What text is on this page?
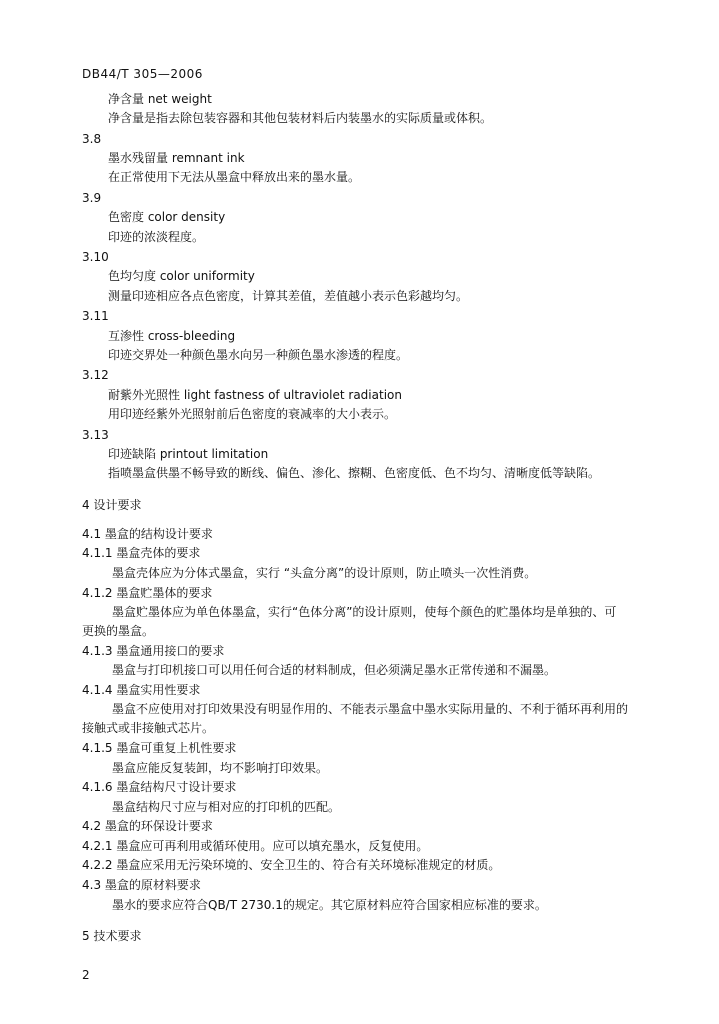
DB44/T 305—2006
净含量 net weight
净含量是指去除包装容器和其他包装材料后内装墨水的实际质量或体积。
3.8
墨水残留量 remnant ink
在正常使用下无法从墨盒中释放出来的墨水量。
3.9
色密度 color density
印迹的浓淡程度。
3.10
色均匀度 color uniformity
测量印迹相应各点色密度，计算其差值，差值越小表示色彩越均匀。
3.11
互渗性 cross-bleeding
印迹交界处一种颜色墨水向另一种颜色墨水渗透的程度。
3.12
耐紫外光照性 light fastness of ultraviolet radiation
用印迹经紫外光照射前后色密度的衰减率的大小表示。
3.13
印迹缺陷 printout limitation
指喷墨盒供墨不畅导致的断线、偏色、渗化、擦糊、色密度低、色不均匀、清晰度低等缺陷。
4 设计要求
4.1 墨盒的结构设计要求
4.1.1 墨盒壳体的要求
墨盒壳体应为分体式墨盒，实行 “头盒分离”的设计原则，防止喷头一次性消费。
4.1.2 墨盒贮墨体的要求
墨盒贮墨体应为单色体墨盒，实行“色体分离”的设计原则，使每个颜色的贮墨体均是单独的、可
更换的墨盒。
4.1.3 墨盒通用接口的要求
墨盒与打印机接口可以用任何合适的材料制成，但必须满足墨水正常传递和不漏墨。
4.1.4 墨盒实用性要求
墨盒不应使用对打印效果没有明显作用的、不能表示墨盒中墨水实际用量的、不利于循环再利用的
接触式或非接触式芯片。
4.1.5 墨盒可重复上机性要求
墨盒应能反复装卸，均不影响打印效果。
4.1.6 墨盒结构尺寸设计要求
墨盒结构尺寸应与相对应的打印机的匹配。
4.2 墨盒的环保设计要求
4.2.1 墨盒应可再利用或循环使用。应可以填充墨水，反复使用。
4.2.2 墨盒应采用无污染环境的、安全卫生的、符合有关环境标准规定的材质。
4.3 墨盒的原材料要求
墨水的要求应符合QB/T 2730.1的规定。其它原材料应符合国家相应标准的要求。
5 技术要求
2
